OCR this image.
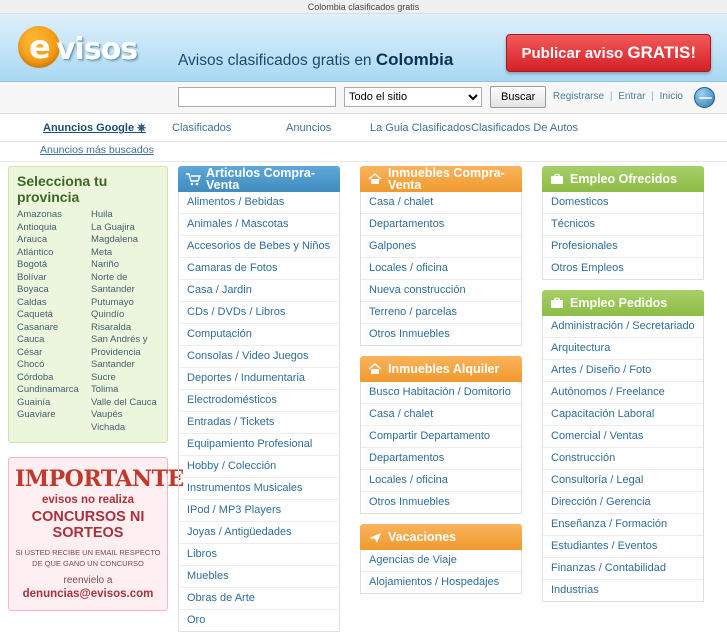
Colombia clasificados gratis
e visos	Avisos clasificados gratis en Colombia	Publicar aviso GRATIS!
Todo el sitio
Buscar	Registrarse | Entrar | Inicio
Anuncios Google ⎈ Clasificados	Anuncios	La Guia Clasificados Clasificados De Autos
Anuncios más buscados
Selecciona tu provincia
Amazonas
Antioquia
Arauca
Atlántico
Bogotá
Bolívar
Boyaca
Caldas
Caquetá
Casanare
Cauca
César
Chocó
Córdoba
Cundinamarca
Guainía
Guaviare
Huila
La Guajira
Magdalena
Meta
Nariño
Norte de Santander
Putumayo
Quindío
Risaralda
San Andrés y Providencia
Santander
Sucre
Tolima
Valle del Cauca
Vaupés
Vichada
IMPORTANTE
evisos no realiza
CONCURSOS NI SORTEOS
SI USTED RECIBE UN EMAIL RESPECTO DE QUE GANO UN CONCURSO
reenvielo a
denuncias@evisos.com
Articulos Compra-Venta
Alimentos / Bebidas
Animales / Mascotas
Accesorios de Bebes y Niños
Camaras de Fotos
Casa / Jardin
CDs / DVDs / Libros
Computación
Consolas / Video Juegos
Deportes / Indumentaria
Electrodomésticos
Entradas / Tickets
Equipamiento Profesional
Hobby / Colección
Instrumentos Musicales
IPod / MP3 Players
Joyas / Antigüedades
Libros
Muebles
Obras de Arte
Oro
Inmuebles Compra-Venta
Casa / chalet
Departamentos
Galpones
Locales / oficina
Nueva construcción
Terreno / parcelas
Otros Inmuebles
Inmuebles Alquiler
Busco Habitación / Domitorio
Casa / chalet
Compartir Departamento
Departamentos
Locales / oficina
Otros Inmuebles
Vacaciones
Agencias de Viaje
Alojamientos / Hospedajes
Empleo Ofrecidos
Domesticos
Técnicos
Profesionales
Otros Empleos
Empleo Pedidos
Administración / Secretariado
Arquitectura
Artes / Diseño / Foto
Autónomos / Freelance
Capacitación Laboral
Comercial / Ventas
Construcción
Consultoría / Legal
Dirección / Gerencia
Enseñanza / Formación
Estudiantes / Eventos
Finanzas / Contabilidad
Industrias
